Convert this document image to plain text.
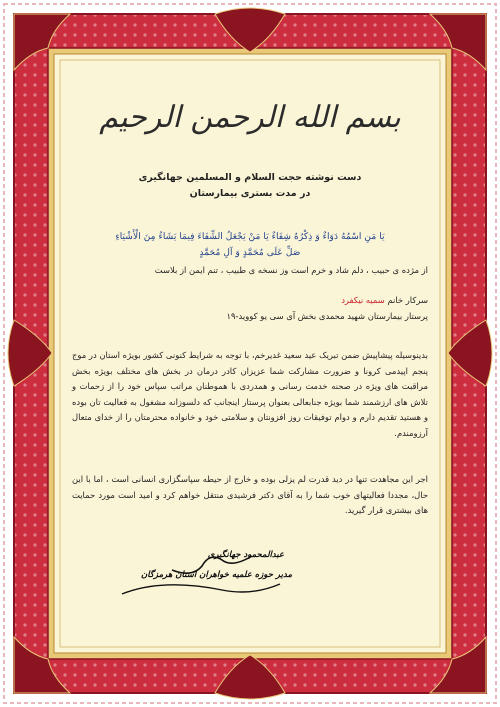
بسم الله الرحمن الرحیم
دست نوشته حجت السلام و المسلمین جهانگیری
در مدت بستری بیمارستان
یَا مَنِ اسْمُهُ دَوَاءٌ وَ ذِکْرُهُ شِفَاءٌ یَا مَنْ یَجْعَلُ الشِّفَاءَ فِیمَا یَشَاءُ مِنَ الْأَشْیَاءِ
صَلِّ عَلَی مُحَمَّدٍ وَ آلِ مُحَمَّدٍ
از مژده ی حبیب ، دلم شاد و خرم است وز نسخه ی طبیب ، تنم ایمن از بلاست
سرکار خانم سمیه نیکفرد
پرستار بیمارستان شهید محمدی بخش آی سی یو کووید-۱۹
بدینوسیله پیشاپیش ضمن تبریک عید سعید غدیرخم، با توجه به شرایط کنونی کشور بویژه استان در موج پنجم اپیدمی کرونا و ضرورت مشارکت شما عزیزان کادر درمان در بخش های مختلف بویژه بخش مراقبت های ویژه در صحنه خدمت رسانی و همدردی با هموطنان مراتب سپاس خود را از زحمات و تلاش های ارزشمند شما بویژه جنابعالی بعنوان پرستار اینجانب که دلسوزانه مشغول به فعالیت تان بوده و هستید تقدیم دارم و دوام توفیقات روز افزونتان و سلامتی خود و خانواده محترمتان را از خدای متعال آرزومندم.
اجر این مجاهدت تنها در دید قدرت لم یزلی بوده و خارج از حیطه سپاسگزاری انسانی است ، اما با این حال، مجددا فعالیتهای خوب شما را به آقای دکتر فرشیدی منتقل خواهم کرد و امید است مورد حمایت های بیشتری قرار گیرید.
عبدالمحمود جهانگیری
مدیر حوزه علمیه خواهران استان هرمزگان
